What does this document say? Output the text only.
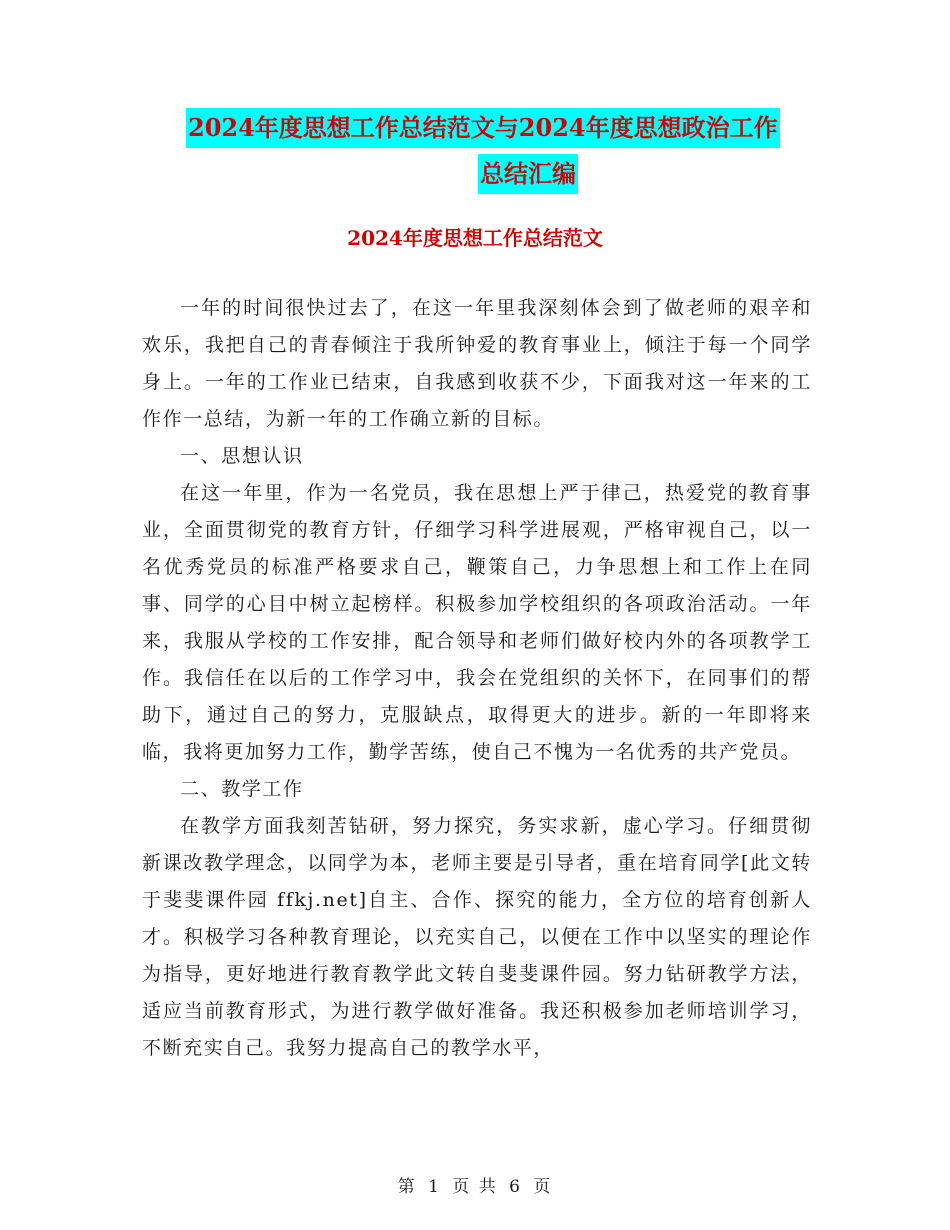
2024年度思想工作总结范文与2024年度思想政治工作
总结汇编
2024年度思想工作总结范文

一年的时间很快过去了，在这一年里我深刻体会到了做老师的艰辛和欢乐，我把自己的青春倾注于我所钟爱的教育事业上，倾注于每一个同学身上。一年的工作业已结束，自我感到收获不少，下面我对这一年来的工作作一总结，为新一年的工作确立新的目标。

一、思想认识

在这一年里，作为一名党员，我在思想上严于律己，热爱党的教育事业，全面贯彻党的教育方针，仔细学习科学进展观，严格审视自己，以一名优秀党员的标准严格要求自己，鞭策自己，力争思想上和工作上在同事、同学的心目中树立起榜样。积极参加学校组织的各项政治活动。一年来，我服从学校的工作安排，配合领导和老师们做好校内外的各项教学工作。我信任在以后的工作学习中，我会在党组织的关怀下，在同事们的帮助下，通过自己的努力，克服缺点，取得更大的进步。新的一年即将来临，我将更加努力工作，勤学苦练，使自己不愧为一名优秀的共产党员。

二、教学工作

在教学方面我刻苦钻研，努力探究，务实求新，虚心学习。仔细贯彻新课改教学理念，以同学为本，老师主要是引导者，重在培育同学[此文转于斐斐课件园 ffkj.net]自主、合作、探究的能力，全方位的培育创新人才。积极学习各种教育理论，以充实自己，以便在工作中以坚实的理论作为指导，更好地进行教育教学此文转自斐斐课件园。努力钻研教学方法，适应当前教育形式，为进行教学做好准备。我还积极参加老师培训学习，不断充实自己。我努力提高自己的教学水平，

第 1 页 共 6 页
